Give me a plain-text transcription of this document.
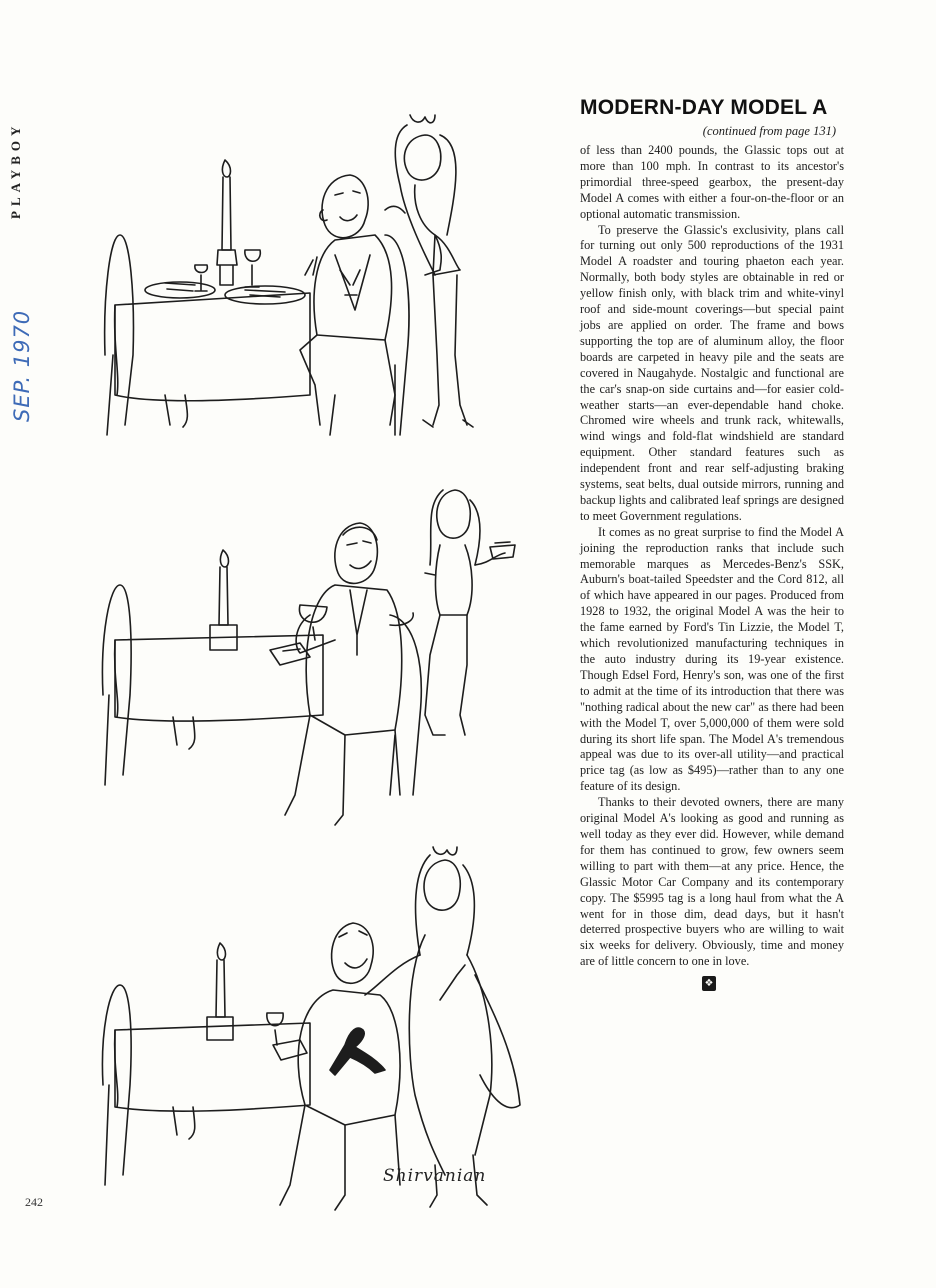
PLAYBOY
SEP. 1970
Shirvanian
242
MODERN-DAY MODEL A
(continued from page 131)

of less than 2400 pounds, the Glassic tops out at more than 100 mph. In contrast to its ancestor's primordial three-speed gearbox, the present-day Model A comes with either a four-on-the-floor or an optional automatic transmission.

To preserve the Glassic's exclusivity, plans call for turning out only 500 reproductions of the 1931 Model A roadster and touring phaeton each year. Normally, both body styles are obtainable in red or yellow finish only, with black trim and white-vinyl roof and side-mount coverings—but special paint jobs are applied on order. The frame and bows supporting the top are of aluminum alloy, the floor boards are carpeted in heavy pile and the seats are covered in Naugahyde. Nostalgic and functional are the car's snap-on side curtains and—for easier cold-weather starts—an ever-dependable hand choke. Chromed wire wheels and trunk rack, whitewalls, wind wings and fold-flat windshield are standard equipment. Other standard features such as independent front and rear self-adjusting braking systems, seat belts, dual outside mirrors, running and backup lights and calibrated leaf springs are designed to meet Government regulations.

It comes as no great surprise to find the Model A joining the reproduction ranks that include such memorable marques as Mercedes-Benz's SSK, Auburn's boat-tailed Speedster and the Cord 812, all of which have appeared in our pages. Produced from 1928 to 1932, the original Model A was the heir to the fame earned by Ford's Tin Lizzie, the Model T, which revolutionized manufacturing techniques in the auto industry during its 19-year existence. Though Edsel Ford, Henry's son, was one of the first to admit at the time of its introduction that there was "nothing radical about the new car" as there had been with the Model T, over 5,000,000 of them were sold during its short life span. The Model A's tremendous appeal was due to its over-all utility—and practical price tag (as low as $495)—rather than to any one feature of its design.

Thanks to their devoted owners, there are many original Model A's looking as good and running as well today as they ever did. However, while demand for them has continued to grow, few owners seem willing to part with them—at any price. Hence, the Glassic Motor Car Company and its contemporary copy. The $5995 tag is a long haul from what the A went for in those dim, dead days, but it hasn't deterred prospective buyers who are willing to wait six weeks for delivery. Obviously, time and money are of little concern to one in love.

❖
